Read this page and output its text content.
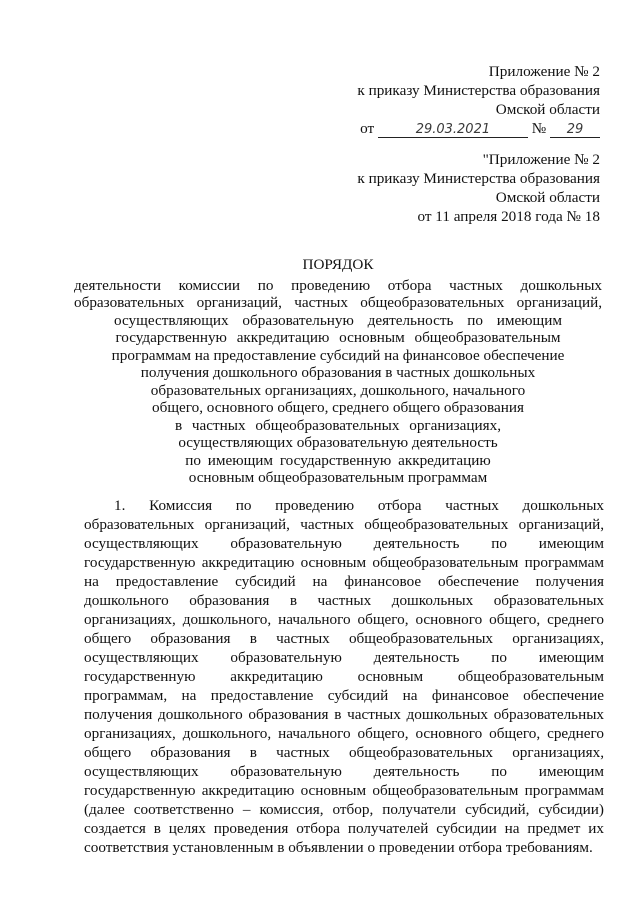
Приложение № 2
к приказу Министерства образования
Омской области
от	29.03.2021	№ 29
"Приложение № 2
к приказу Министерства образования
Омской области
от 11 апреля 2018 года № 18
ПОРЯДОК
деятельности комиссии по проведению отбора частных дошкольных
образовательных организаций, частных общеобразовательных организаций,
осуществляющих образовательную деятельность по имеющим
государственную аккредитацию основным общеобразовательным
программам на предоставление субсидий на финансовое обеспечение
получения дошкольного образования в частных дошкольных
образовательных организациях, дошкольного, начального
общего, основного общего, среднего общего образования
в частных общеобразовательных организациях,
осуществляющих образовательную деятельность
по имеющим государственную аккредитацию
основным общеобразовательным программам
1. Комиссия по проведению отбора частных дошкольных
образовательных организаций, частных общеобразовательных организаций,
осуществляющих образовательную деятельность по имеющим
государственную аккредитацию основным общеобразовательным программам
на предоставление субсидий на финансовое обеспечение получения
дошкольного образования в частных дошкольных образовательных
организациях, дошкольного, начального общего, основного общего, среднего
общего образования в частных общеобразовательных организациях,
осуществляющих образовательную деятельность по имеющим
государственную аккредитацию основным общеобразовательным
программам, на предоставление субсидий на финансовое обеспечение
получения дошкольного образования в частных дошкольных образовательных
организациях, дошкольного, начального общего, основного общего, среднего
общего образования в частных общеобразовательных организациях,
осуществляющих образовательную деятельность по имеющим
государственную аккредитацию основным общеобразовательным программам
(далее соответственно – комиссия, отбор, получатели субсидий, субсидии)
создается в целях проведения отбора получателей субсидии на предмет их
соответствия установленным в объявлении о проведении отбора требованиям.
